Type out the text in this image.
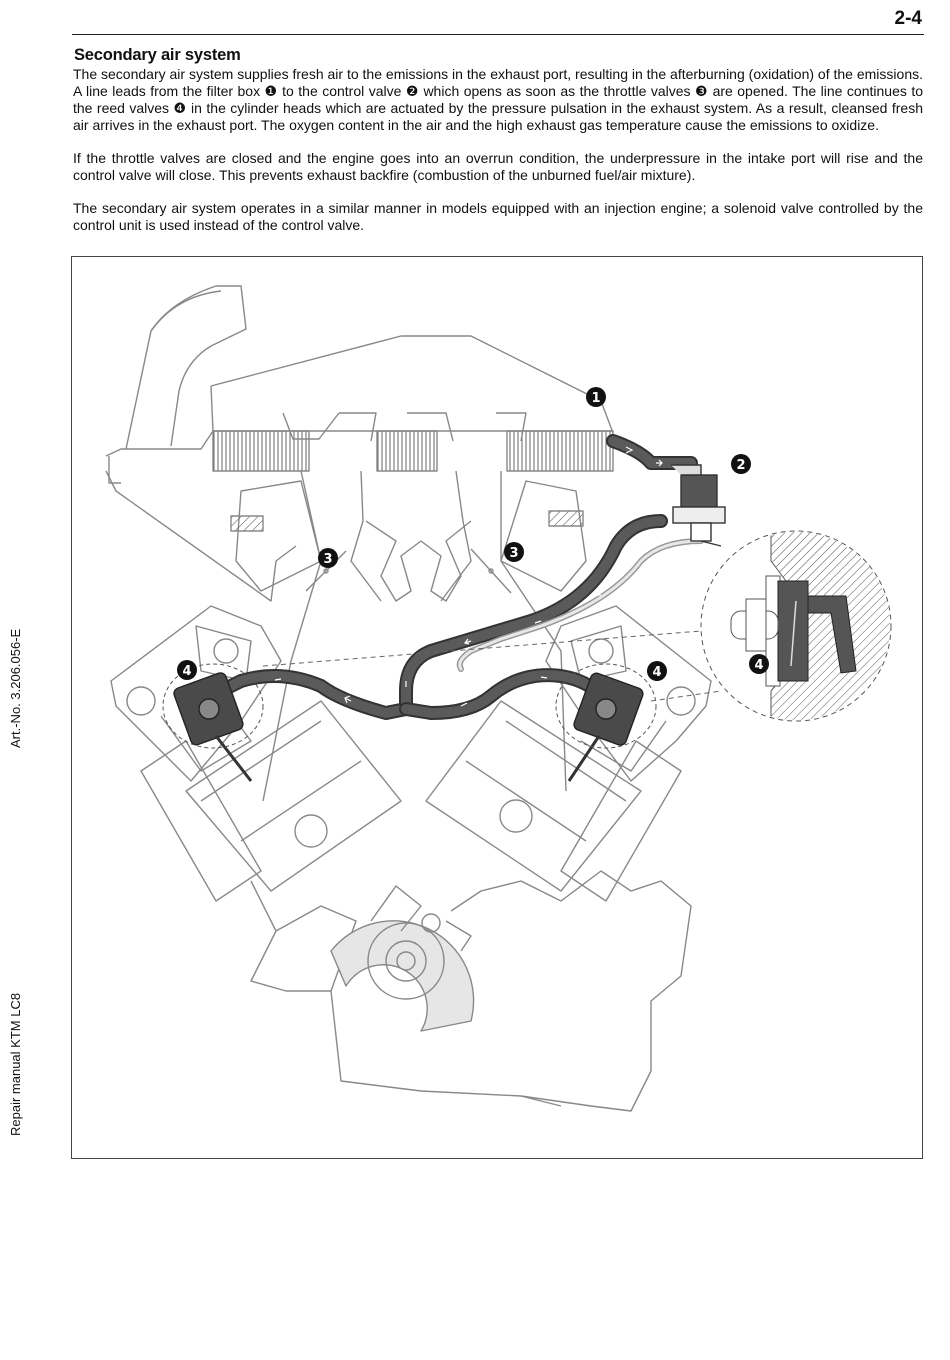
2-4
Secondary air system
The secondary air system supplies fresh air to the emissions in the exhaust port, resulting in the afterburning (oxidation) of the emissions. A line leads from the filter box ❶ to the control valve ❷ which opens as soon as the throttle valves ❸ are opened. The line continues to the reed valves ❹ in the cylinder heads which are actuated by the pressure pulsation in the exhaust system. As a result, cleansed fresh air arrives in the exhaust port. The oxygen content in the air and the high exhaust gas temperature cause the emissions to oxidize.
If the throttle valves are closed and the engine goes into an overrun condition, the underpressure in the intake port will rise and the control valve will close. This prevents exhaust backfire (combustion of the unburned fuel/air mixture).
The secondary air system operates in a similar manner in models equipped with an injection engine; a solenoid valve controlled by the control unit is used instead of the control valve.
Art.-No. 3.206.056-E
Repair manual KTM LC8
1
2
3	3
4	4	4
